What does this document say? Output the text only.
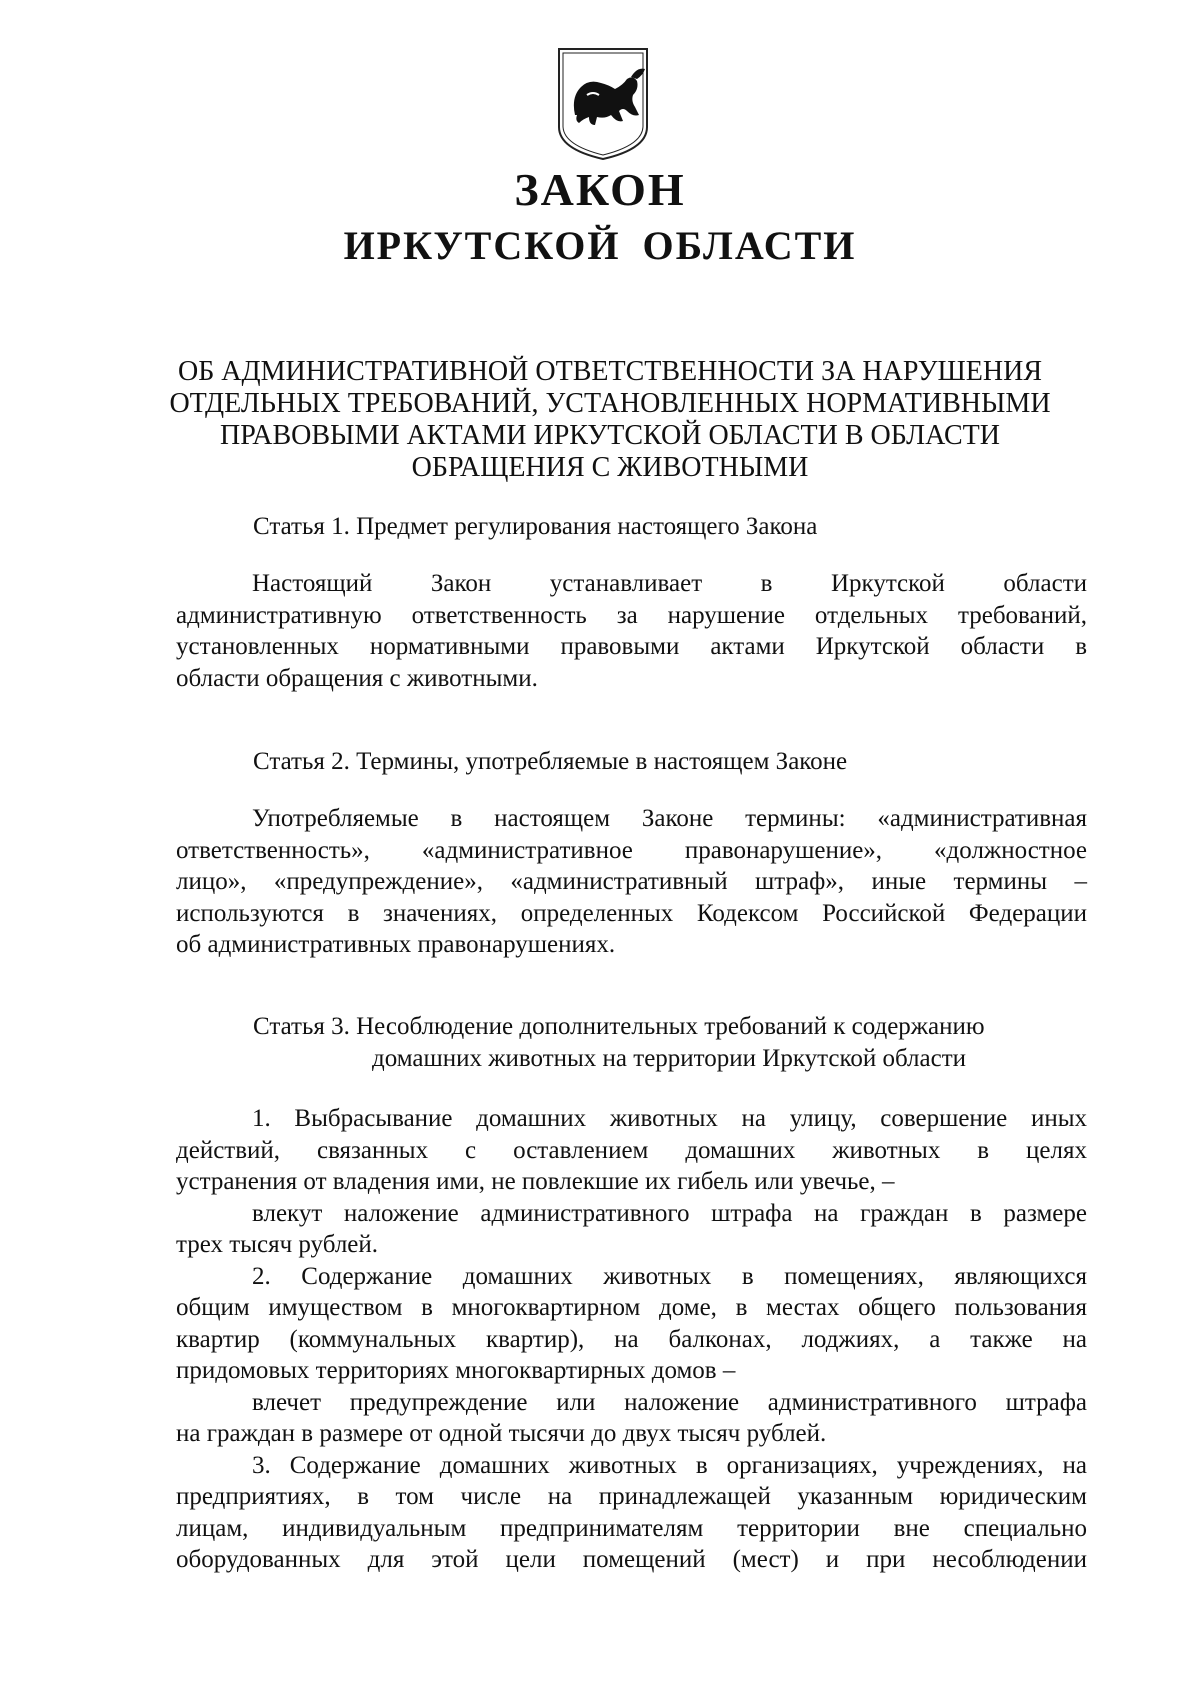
ЗАКОН
ИРКУТСКОЙ ОБЛАСТИ
ОБ АДМИНИСТРАТИВНОЙ ОТВЕТСТВЕННОСТИ ЗА НАРУШЕНИЯ
ОТДЕЛЬНЫХ ТРЕБОВАНИЙ, УСТАНОВЛЕННЫХ НОРМАТИВНЫМИ
ПРАВОВЫМИ АКТАМИ ИРКУТСКОЙ ОБЛАСТИ В ОБЛАСТИ
ОБРАЩЕНИЯ С ЖИВОТНЫМИ
Статья 1. Предмет регулирования настоящего Закона
Настоящий Закон устанавливает в Иркутской области
административную ответственность за нарушение отдельных требований,
установленных нормативными правовыми актами Иркутской области в
области обращения с животными.
Статья 2. Термины, употребляемые в настоящем Законе
Употребляемые в настоящем Законе термины: «административная
ответственность», «административное правонарушение», «должностное
лицо», «предупреждение», «административный штраф», иные термины –
используются в значениях, определенных Кодексом Российской Федерации
об административных правонарушениях.
Статья 3. Несоблюдение дополнительных требований к содержанию
домашних животных на территории Иркутской области
1. Выбрасывание домашних животных на улицу, совершение иных
действий, связанных с оставлением домашних животных в целях
устранения от владения ими, не повлекшие их гибель или увечье, –
влекут наложение административного штрафа на граждан в размере
трех тысяч рублей.
2. Содержание домашних животных в помещениях, являющихся
общим имуществом в многоквартирном доме, в местах общего пользования
квартир (коммунальных квартир), на балконах, лоджиях, а также на
придомовых территориях многоквартирных домов –
влечет предупреждение или наложение административного штрафа
на граждан в размере от одной тысячи до двух тысяч рублей.
3. Содержание домашних животных в организациях, учреждениях, на
предприятиях, в том числе на принадлежащей указанным юридическим
лицам, индивидуальным предпринимателям территории вне специально
оборудованных для этой цели помещений (мест) и при несоблюдении
